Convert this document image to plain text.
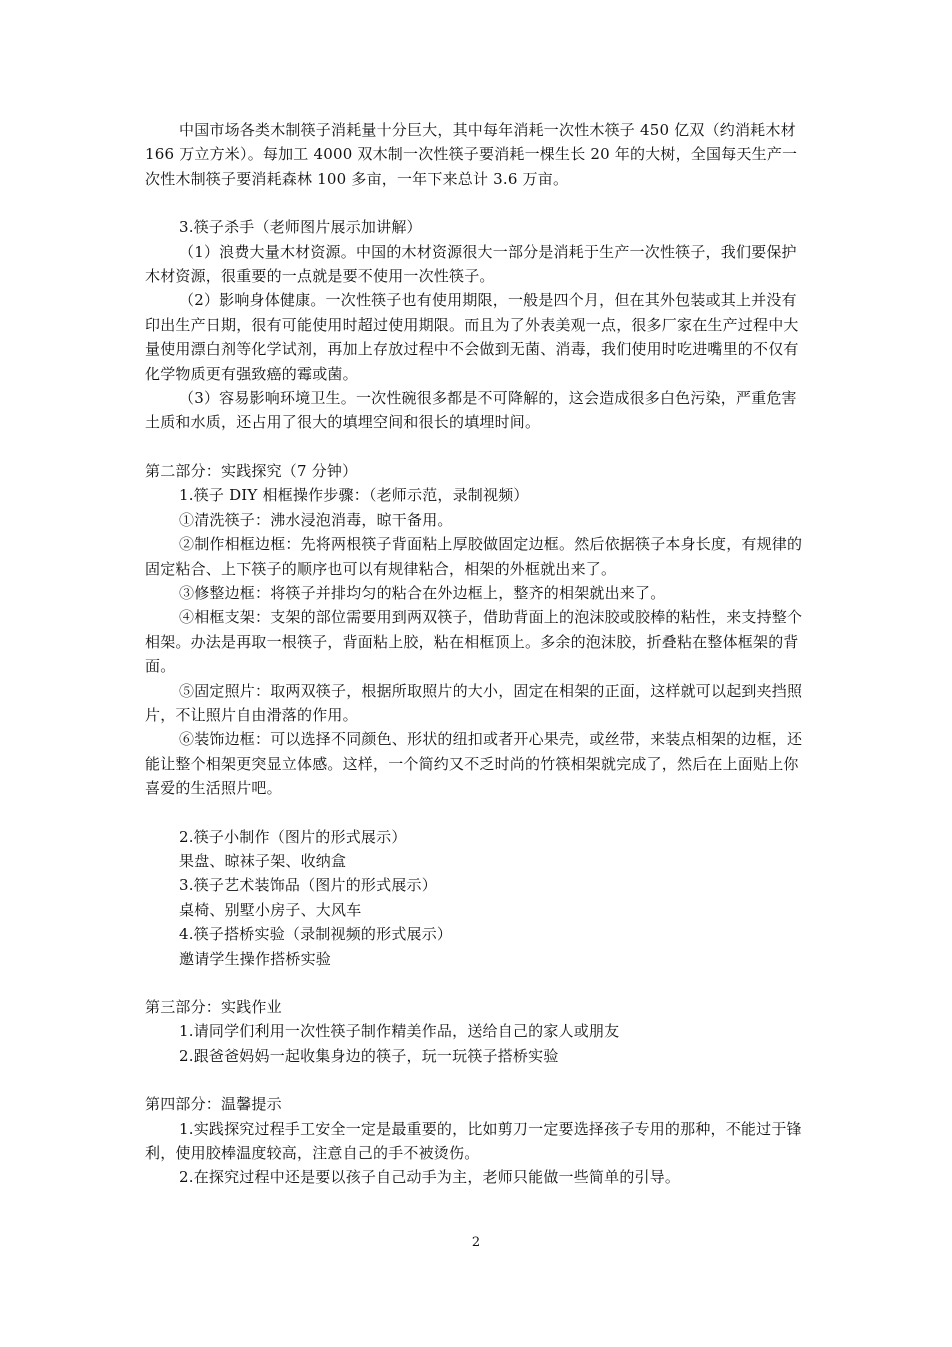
中国市场各类木制筷子消耗量十分巨大，其中每年消耗一次性木筷子 450 亿双（约消耗木材 166 万立方米）。每加工 4000 双木制一次性筷子要消耗一棵生长 20 年的大树，全国每天生产一次性木制筷子要消耗森林 100 多亩，一年下来总计 3.6 万亩。

3.筷子杀手（老师图片展示加讲解）

（1）浪费大量木材资源。中国的木材资源很大一部分是消耗于生产一次性筷子，我们要保护木材资源，很重要的一点就是要不使用一次性筷子。

（2）影响身体健康。一次性筷子也有使用期限，一般是四个月，但在其外包装或其上并没有印出生产日期，很有可能使用时超过使用期限。而且为了外表美观一点，很多厂家在生产过程中大量使用漂白剂等化学试剂，再加上存放过程中不会做到无菌、消毒，我们使用时吃进嘴里的不仅有化学物质更有强致癌的霉或菌。

（3）容易影响环境卫生。一次性碗很多都是不可降解的，这会造成很多白色污染，严重危害土质和水质，还占用了很大的填埋空间和很长的填埋时间。

第二部分：实践探究（7 分钟）

1.筷子 DIY 相框操作步骤：（老师示范，录制视频）

①清洗筷子：沸水浸泡消毒，晾干备用。

②制作相框边框：先将两根筷子背面粘上厚胶做固定边框。然后依据筷子本身长度，有规律的固定粘合、上下筷子的顺序也可以有规律粘合，相架的外框就出来了。

③修整边框：将筷子并排均匀的粘合在外边框上，整齐的相架就出来了。

④相框支架：支架的部位需要用到两双筷子，借助背面上的泡沫胶或胶棒的粘性，来支持整个相架。办法是再取一根筷子，背面粘上胶，粘在相框顶上。多余的泡沫胶，折叠粘在整体框架的背面。

⑤固定照片：取两双筷子，根据所取照片的大小，固定在相架的正面，这样就可以起到夹挡照片，不让照片自由滑落的作用。

⑥装饰边框：可以选择不同颜色、形状的纽扣或者开心果壳，或丝带，来装点相架的边框，还能让整个相架更突显立体感。这样，一个简约又不乏时尚的竹筷相架就完成了，然后在上面贴上你喜爱的生活照片吧。

2.筷子小制作（图片的形式展示）

果盘、晾袜子架、收纳盒

3.筷子艺术装饰品（图片的形式展示）

桌椅、别墅小房子、大风车

4.筷子搭桥实验（录制视频的形式展示）

邀请学生操作搭桥实验

第三部分：实践作业

1.请同学们利用一次性筷子制作精美作品，送给自己的家人或朋友

2.跟爸爸妈妈一起收集身边的筷子，玩一玩筷子搭桥实验

第四部分：温馨提示

1.实践探究过程手工安全一定是最重要的，比如剪刀一定要选择孩子专用的那种，不能过于锋利，使用胶棒温度较高，注意自己的手不被烫伤。

2.在探究过程中还是要以孩子自己动手为主，老师只能做一些简单的引导。

2
